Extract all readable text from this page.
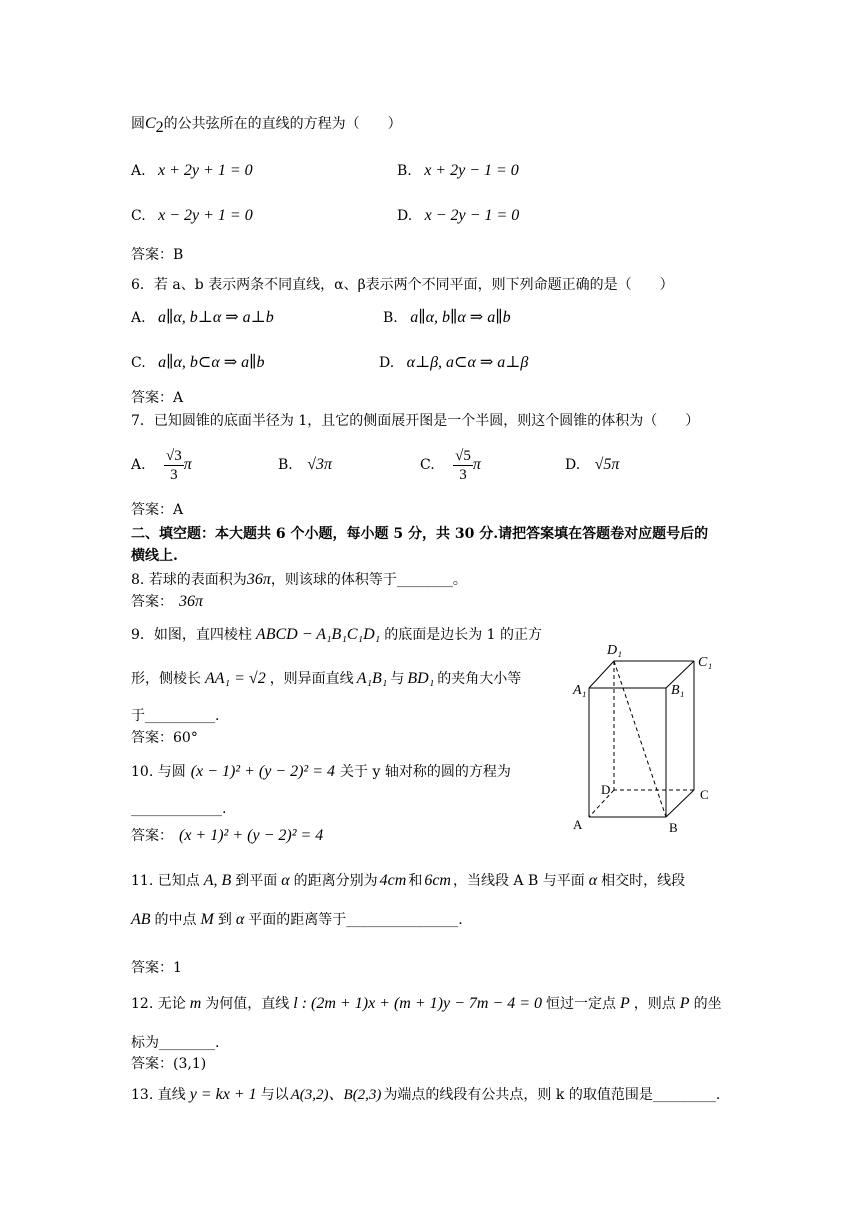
圆$C_2$的公共弦所在的直线的方程为（　　）
A. x + 2y + 1 = 0	B. x + 2y − 1 = 0
C. x − 2y + 1 = 0	D. x − 2y − 1 = 0
答案：B
6．若 a、b 表示两条不同直线，α、β表示两个不同平面，则下列命题正确的是（　　）
A. a∥α, b⊥α ⇒ a⊥b	B. a∥α, b∥α ⇒ a∥b
C. a∥α, b⊂α ⇒ a∥b	D. α⊥β, a⊂α ⇒ a⊥β
答案：A
7．已知圆锥的底面半径为 1，且它的侧面展开图是一个半圆，则这个圆锥的体积为（　　）
A. $\frac{√3}{3}$ π	B. √3π	C. $\frac{√5}{3}$ π	D. √5π
答案：A
二、填空题：本大题共 6 个小题，每小题 5 分，共 30 分.请把答案填在答题卷对应题号后的
横线上.
8. 若球的表面积为36π，则该球的体积等于________。
答案： 36π
9．如图，直四棱柱 ABCD − A₁B₁C₁D₁ 的底面是边长为 1 的正方
形，侧棱长 AA₁ = √2 ，则异面直线 A₁B₁ 与 BD₁ 的夹角大小等
于__________.
答案：60°
10. 与圆 (x − 1)² + (y − 2)² = 4 关于 y 轴对称的圆的方程为
_____________.
答案： (x + 1)² + (y − 2)² = 4
D₁
C₁
A₁	B₁
D	C
A	B
11. 已知点 A, B 到平面 α 的距离分别为 4cm 和 6cm ，当线段 A B 与平面 α 相交时，线段
AB 的中点 M 到 α 平面的距离等于________________.
答案：1
12. 无论 m 为何值，直线 l : (2m + 1)x + (m + 1)y − 7m − 4 = 0 恒过一定点 P ，则点 P 的坐
标为________.
答案：(3,1)
13. 直线 y = kx + 1 与以 A(3,2)、B(2,3) 为端点的线段有公共点，则 k 的取值范围是_________.
